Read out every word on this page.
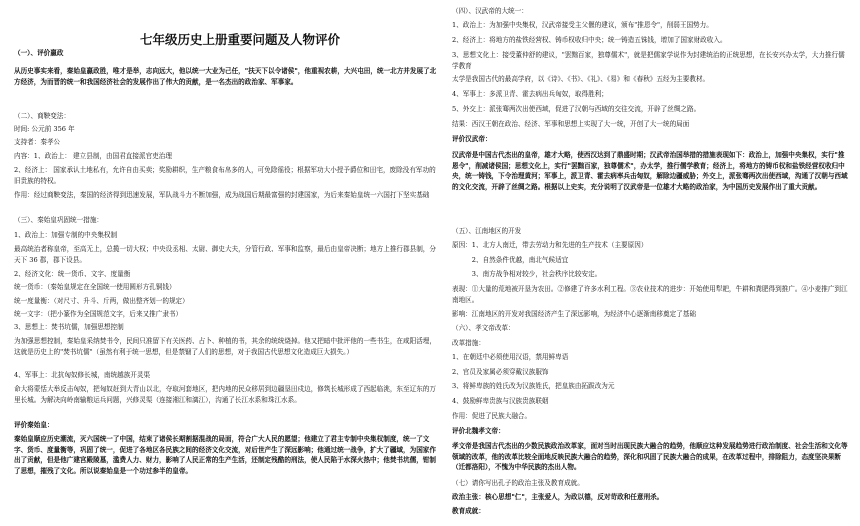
七年级历史上册重要问题及人物评价
（一）、评价嬴政
从历史事实来看，秦始皇嬴政胜，唯才是举，志向远大，他以统一大业为己任，"扶天下以令诸侯"，他重视农耕，大兴屯田，统一北方并发展了北方经济，为而晋的统一和我国经济社会的发展作出了伟大的贡献，是一名杰出的政治家、军事家。
（二）、商鞅变法：
时间: 公元前 356 年
支持者：秦孝公
内容：1、政治上： 建立县制，由国君直接派官吏治理
2、经济上： 国家承认土地私有，允许自由买卖；奖励耕织，生产粮食布帛多的人，可免除徭役；根据军功大小授予爵位和田宅，废除没有军功的旧贵族的特权。
作用：经过商鞅变法，秦国的经济得到迅速发展，军队战斗力不断加强，成为战国后期最富强的封建国家，为后来秦始皇统一六国打下坚实基础
（三）、秦始皇巩固统一措施：
1、政治上：加强专制的中央集权制
最高统治者称皇帝，至高无上，总揽一切大权；中央设丞相、太尉、御史大夫，分管行政、军事和监察，最后由皇帝决断；地方上推行郡县制，分天下 36 郡，郡下设县。
2、经济文化：统一货币、文字、度量衡
统一货币：（秦始皇规定在全国统一使用圆形方孔铜钱）
统一度量衡：（对尺寸、升斗、斤两，做出整齐划一的规定）
统一文字：（把小篆作为全国规范文字，后来又推广隶书）
3、思想上：焚书坑儒，加强思想控制
为加强思想控制，秦始皇采纳焚书令，民间只准留下有关医药、占卜、种植的书，其余的统统烧掉。他又把暗中批评他的一些书生，在咸阳活埋，这就是历史上的"焚书坑儒"（虽然有利于统一思想，但是禁锢了人们的思想，对于我国古代思想文化造成巨大损失。）
4、军事上：北抗匈奴修长城，南统越族开灵渠
命大将蒙恬大举反击匈奴，把匈奴赶到大青山以北，夺取河套地区，把内地的民众移居到边疆垦田戍边，修筑长城形成了西起临洮，东至辽东的万里长城。为解决向岭南输粮运兵问题，兴修灵渠（连接湘江和漓江），沟通了长江水系和珠江水系。
评价秦始皇：
秦始皇顺应历史潮流，灭六国统一了中国，结束了诸侯长期割据混战的局面，符合广大人民的愿望；他建立了君主专制中央集权制度，统一了文字、货币、度量衡等，巩固了统一，促进了各地区各民族之间的经济文化交流，对后世产生了深远影响；他通过统一战争，扩大了疆域，为国家作出了贡献，但是他广建宫殿陵墓，滥费人力、财力，影响了人民正常的生产生活，还制定残酷的刑法，使人民陷于水深火热中；他焚书坑儒，钳制了思想，摧残了文化。所以说秦始皇是一个功过参半的皇帝。
（四）、汉武帝的大统一：
1、政治上：为加强中央集权，汉武帝接受主父偃的建议，颁布"推恩令"，削弱王国势力。
2、经济上：将地方的盐铁经营权、铸币权收归中央；统一铸造五铢钱，增加了国家财政收入。
3、思想文化上：接受董仲舒的建议，"罢黜百家，独尊儒术"，就是把儒家学说作为封建统治的正统思想，在长安兴办太学，大力推行儒学教育
太学是我国古代的最高学府，以《诗》、《书》、《礼》、《易》和《春秋》五经为主要教材。
4、军事上：多派卫青、霍去病出兵匈奴，取得胜利；
5、外交上：派张骞两次出使西域，促进了汉朝与西域的交往交流，开辟了丝绸之路。
结果：西汉王朝在政治、经济、军事和思想上实现了大一统，开创了大一统的局面
评价汉武帝：
汉武帝是中国古代杰出的皇帝，雄才大略，使西汉达到了鼎盛时期；汉武帝治国举措的措施表现如下：政治上，加强中央集权，实行"推恩令"，削减诸侯国；思想文化上，实行"罢黜百家，独尊儒术"，办太学，推行儒学教育；经济上，将地方的铸币权和盐铁经营权收归中央，统一铸钱，下令治理黄河；军事上，派卫青、霍去病率兵击匈奴，解除边疆威胁；外交上，派张骞两次出使西域，沟通了汉朝与西域的文化交流，开辟了丝绸之路。根据以上史实，充分说明了汉武帝是一位雄才大略的政治家，为中国历史发展作出了重大贡献。
（五）、江南地区的开发
原因：1、北方人南迁，带去劳动力和先进的生产技术（主要原因）
　　　2、自然条件优越，南北气候适宜
　　　3、南方战争相对较少，社会秩序比较安定。
表现：①大量的荒地被开垦为农田。②修建了许多水利工程。③农业技术的进步：开始使用犁耙，牛耕和粪肥得到推广。④小麦推广到江南地区。
影响：江南地区的开发对我国经济产生了深远影响，为经济中心逐渐南移奠定了基础
（六）、孝文帝改革：
改革措施：
1、在朝廷中必须使用汉语，禁用鲜卑语
2、官员及家属必须穿戴汉族服饰
3、将鲜卑族的姓氏改为汉族姓氏，把皇族由拓跋改为元
4、鼓励鲜卑贵族与汉族贵族联姻
作用：促进了民族大融合。
评价北魏孝文帝：
孝文帝是我国古代杰出的少数民族政治改革家，面对当时出现民族大融合的趋势，他顺应这种发展趋势进行政治制度、社会生活和文化等领域的改革，他的改革比较全面地反映民族大融合的趋势，深化和巩固了民族大融合的成果，在改革过程中，排除阻力，态度坚决果断（迁都洛阳），不愧为中华民族的杰出人物。
（七）请你写出孔子的政治主张及教育成就。
政治主张：核心思想"仁"，主张爱人，为政以德，反对苛政和任意刑杀。
教育成就：
